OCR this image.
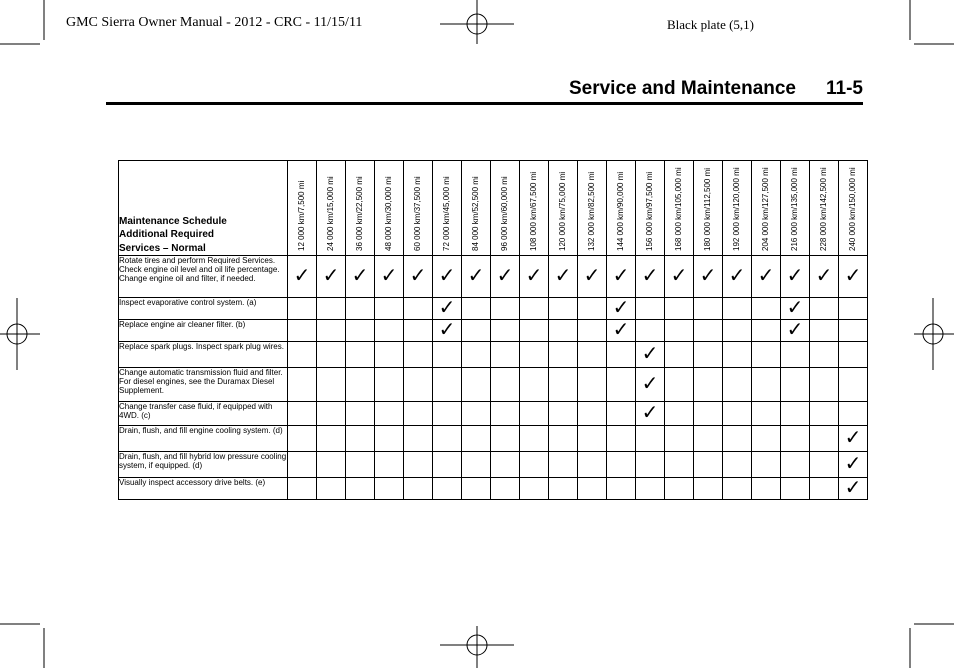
GMC Sierra Owner Manual - 2012 - CRC - 11/15/11	Black plate (5,1)
Service and Maintenance 11-5
Maintenance Schedule
Additional Required
Services – Normal	12 000 km/7,500 mi	24 000 km/15,000 mi	36 000 km/22,500 mi	48 000 km/30,000 mi	60 000 km/37,500 mi	72 000 km/45,000 mi	84 000 km/52,500 mi	96 000 km/60,000 mi	108 000 km/67,500 mi	120 000 km/75,000 mi	132 000 km/82,500 mi	144 000 km/90,000 mi	156 000 km/97,500 mi	168 000 km/105,000 mi	180 000 km/112,500 mi	192 000 km/120,000 mi	204 000 km/127,500 mi	216 000 km/135,000 mi	228 000 km/142,500 mi	240 000 km/150,000 mi

Rotate tires and perform Required Services. Check engine oil level and oil life percentage. Change engine oil and filter, if needed.	✓	✓	✓	✓	✓	✓	✓	✓	✓	✓	✓	✓	✓	✓	✓	✓	✓	✓	✓	✓
Inspect evaporative control system. (a)						✓						✓						✓		
Replace engine air cleaner filter. (b)						✓						✓						✓		
Replace spark plugs. Inspect spark plug wires.													✓							
Change automatic transmission fluid and filter. For diesel engines, see the Duramax Diesel Supplement.													✓							
Change transfer case fluid, if equipped with 4WD. (c)													✓							
Drain, flush, and fill engine cooling system. (d)																				✓
Drain, flush, and fill hybrid low pressure cooling system, if equipped. (d)																				✓
Visually inspect accessory drive belts. (e)																				✓
